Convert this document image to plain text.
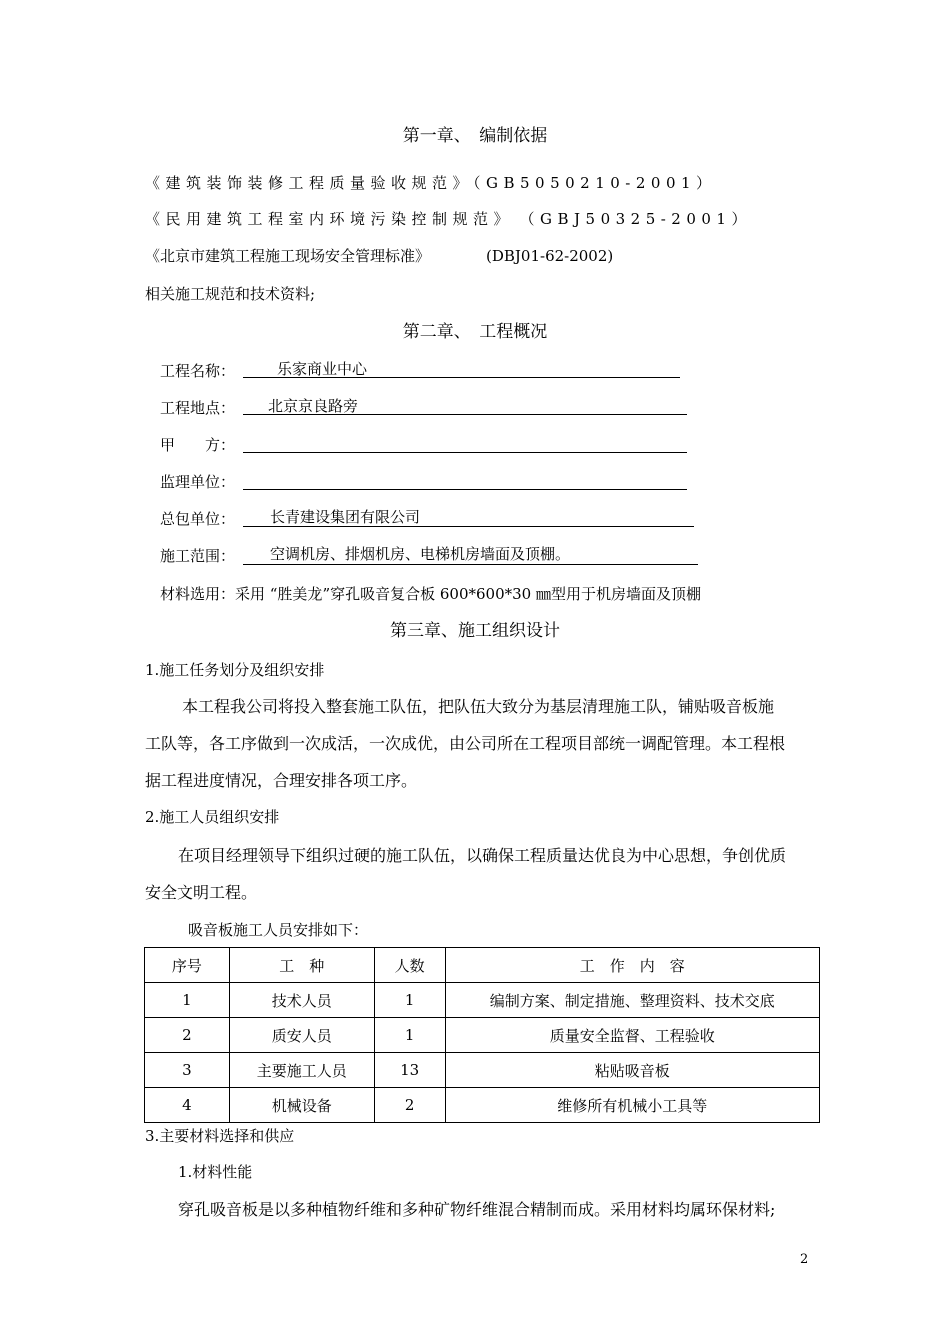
第一章、　编制依据
《建筑装饰装修工程质量验收规范》（GB5050210-2001）
《民用建筑工程室内环境污染控制规范》　（GBJ50325-2001）
《北京市建筑工程施工现场安全管理标准》	(DBJ01-62-2002)
相关施工规范和技术资料;
第二章、　工程概况
工程名称：	乐家商业中心
工程地点： 北京京良路旁
甲　　方：
监理单位：
总包单位： 长青建设集团有限公司
施工范围： 空调机房、排烟机房、电梯机房墙面及顶棚。
材料选用：采用 “胜美龙”穿孔吸音复合板 600*600*30 ㎜型用于机房墙面及顶棚
第三章、施工组织设计
1.施工任务划分及组织安排
本工程我公司将投入整套施工队伍，把队伍大致分为基层清理施工队，铺贴吸音板施
工队等，各工序做到一次成活，一次成优，由公司所在工程项目部统一调配管理。本工程根
据工程进度情况，合理安排各项工序。
2.施工人员组织安排
在项目经理领导下组织过硬的施工队伍，以确保工程质量达优良为中心思想，争创优质
安全文明工程。
吸音板施工人员安排如下：
序号	工　种	人数	工　作　内　容
1	技术人员	1	编制方案、制定措施、整理资料、技术交底
2	质安人员	1	质量安全监督、工程验收
3	主要施工人员	13	粘贴吸音板
4	机械设备	2	维修所有机械小工具等
3.主要材料选择和供应
1.材料性能
穿孔吸音板是以多种植物纤维和多种矿物纤维混合精制而成。采用材料均属环保材料;
2
